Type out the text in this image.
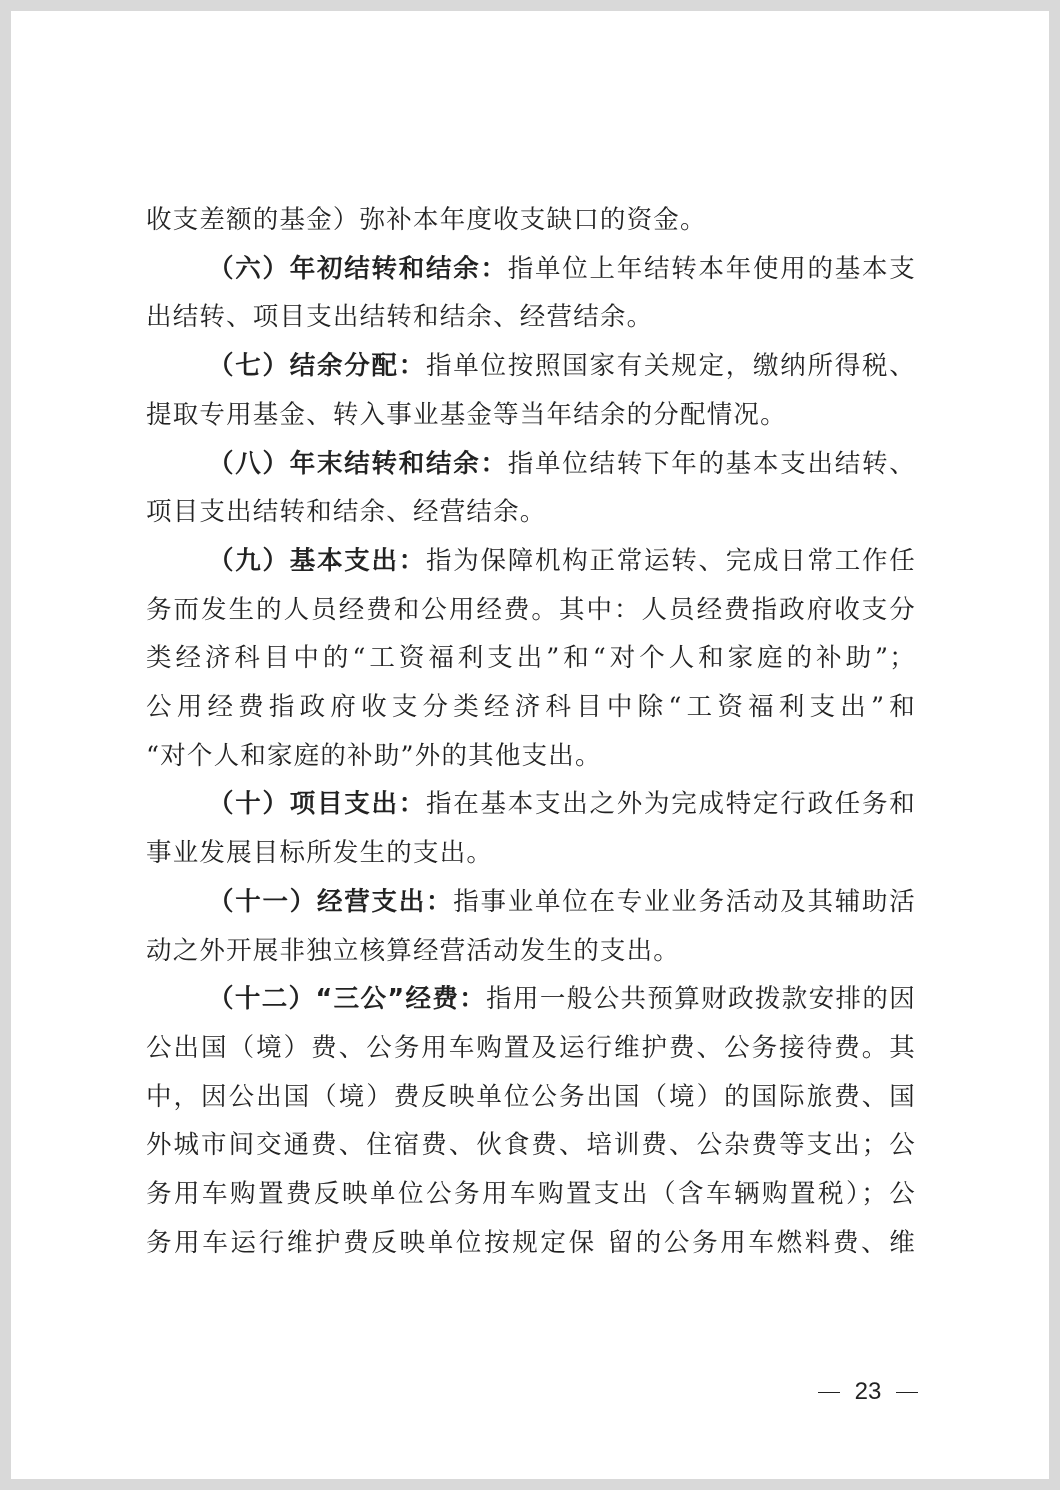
收支差额的基金）弥补本年度收支缺口的资金。

（六）年初结转和结余：指单位上年结转本年使用的基本支
出结转、项目支出结转和结余、经营结余。

（七）结余分配：指单位按照国家有关规定，缴纳所得税、
提取专用基金、转入事业基金等当年结余的分配情况。

（八）年末结转和结余：指单位结转下年的基本支出结转、
项目支出结转和结余、经营结余。

（九）基本支出：指为保障机构正常运转、完成日常工作任
务而发生的人员经费和公用经费。其中：人员经费指政府收支分
类经济科目中的“工资福利支出”和“对个人和家庭的补助”；
公用经费指政府收支分类经济科目中除“工资福利支出”和
“对个人和家庭的补助”外的其他支出。

（十）项目支出：指在基本支出之外为完成特定行政任务和
事业发展目标所发生的支出。

（十一）经营支出：指事业单位在专业业务活动及其辅助活
动之外开展非独立核算经营活动发生的支出。

（十二）“三公”经费：指用一般公共预算财政拨款安排的因
公出国（境）费、公务用车购置及运行维护费、公务接待费。其
中，因公出国（境）费反映单位公务出国（境）的国际旅费、国
外城市间交通费、住宿费、伙食费、培训费、公杂费等支出；公
务用车购置费反映单位公务用车购置支出（含车辆购置税）；公
务用车运行维护费反映单位按规定保 留的公务用车燃料费、维

23
